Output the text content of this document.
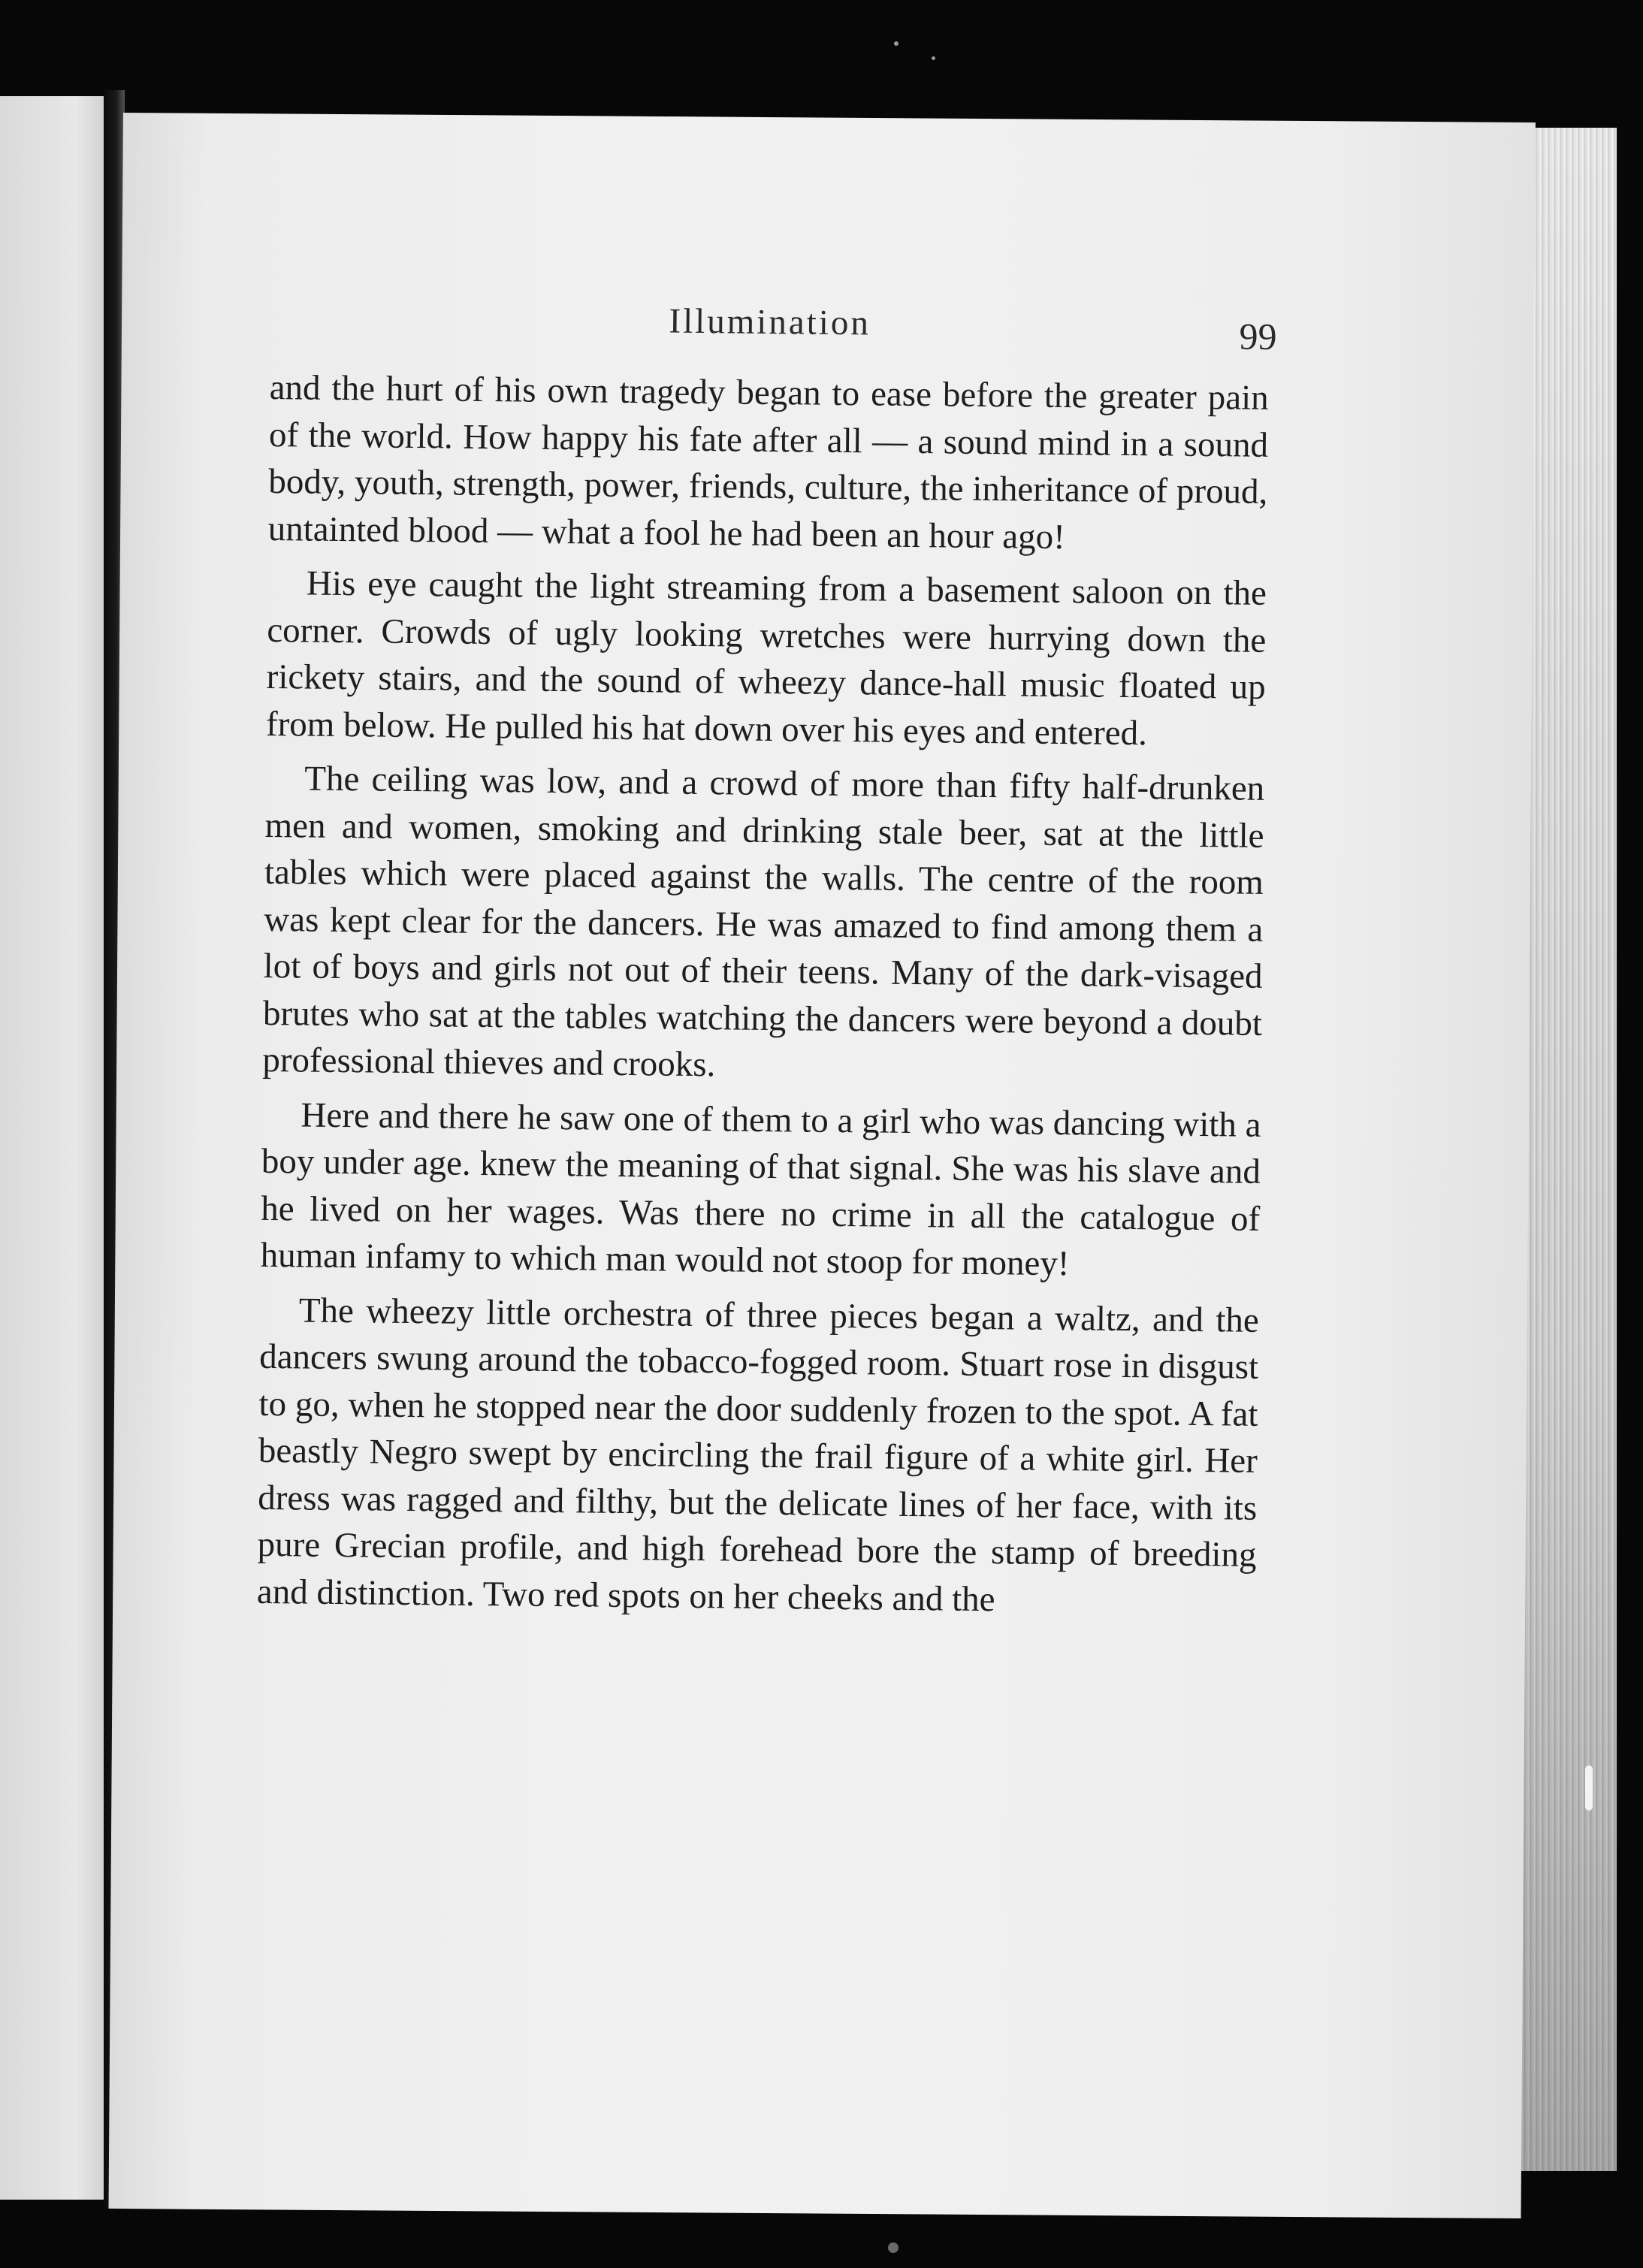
Illumination	99

and the hurt of his own tragedy began to ease before the greater pain of the world. How happy his fate after all — a sound mind in a sound body, youth, strength, power, friends, culture, the inheritance of proud, untainted blood — what a fool he had been an hour ago!

His eye caught the light streaming from a basement saloon on the corner. Crowds of ugly looking wretches were hurrying down the rickety stairs, and the sound of wheezy dance-hall music floated up from below. He pulled his hat down over his eyes and entered.

The ceiling was low, and a crowd of more than fifty half-drunken men and women, smoking and drinking stale beer, sat at the little tables which were placed against the walls. The centre of the room was kept clear for the dancers. He was amazed to find among them a lot of boys and girls not out of their teens. Many of the dark-visaged brutes who sat at the tables watching the dancers were beyond a doubt professional thieves and crooks.

Here and there he saw one of them to a girl who was dancing with a boy under age. knew the meaning of that signal. She was his slave and he lived on her wages. Was there no crime in all the catalogue of human infamy to which man would not stoop for money!

The wheezy little orchestra of three pieces began a waltz, and the dancers swung around the tobacco-fogged room. Stuart rose in disgust to go, when he stopped near the door suddenly frozen to the spot. A fat beastly Negro swept by encircling the frail figure of a white girl. Her dress was ragged and filthy, but the delicate lines of her face, with its pure Grecian profile, and high forehead bore the stamp of breeding and distinction. Two red spots on her cheeks and the
